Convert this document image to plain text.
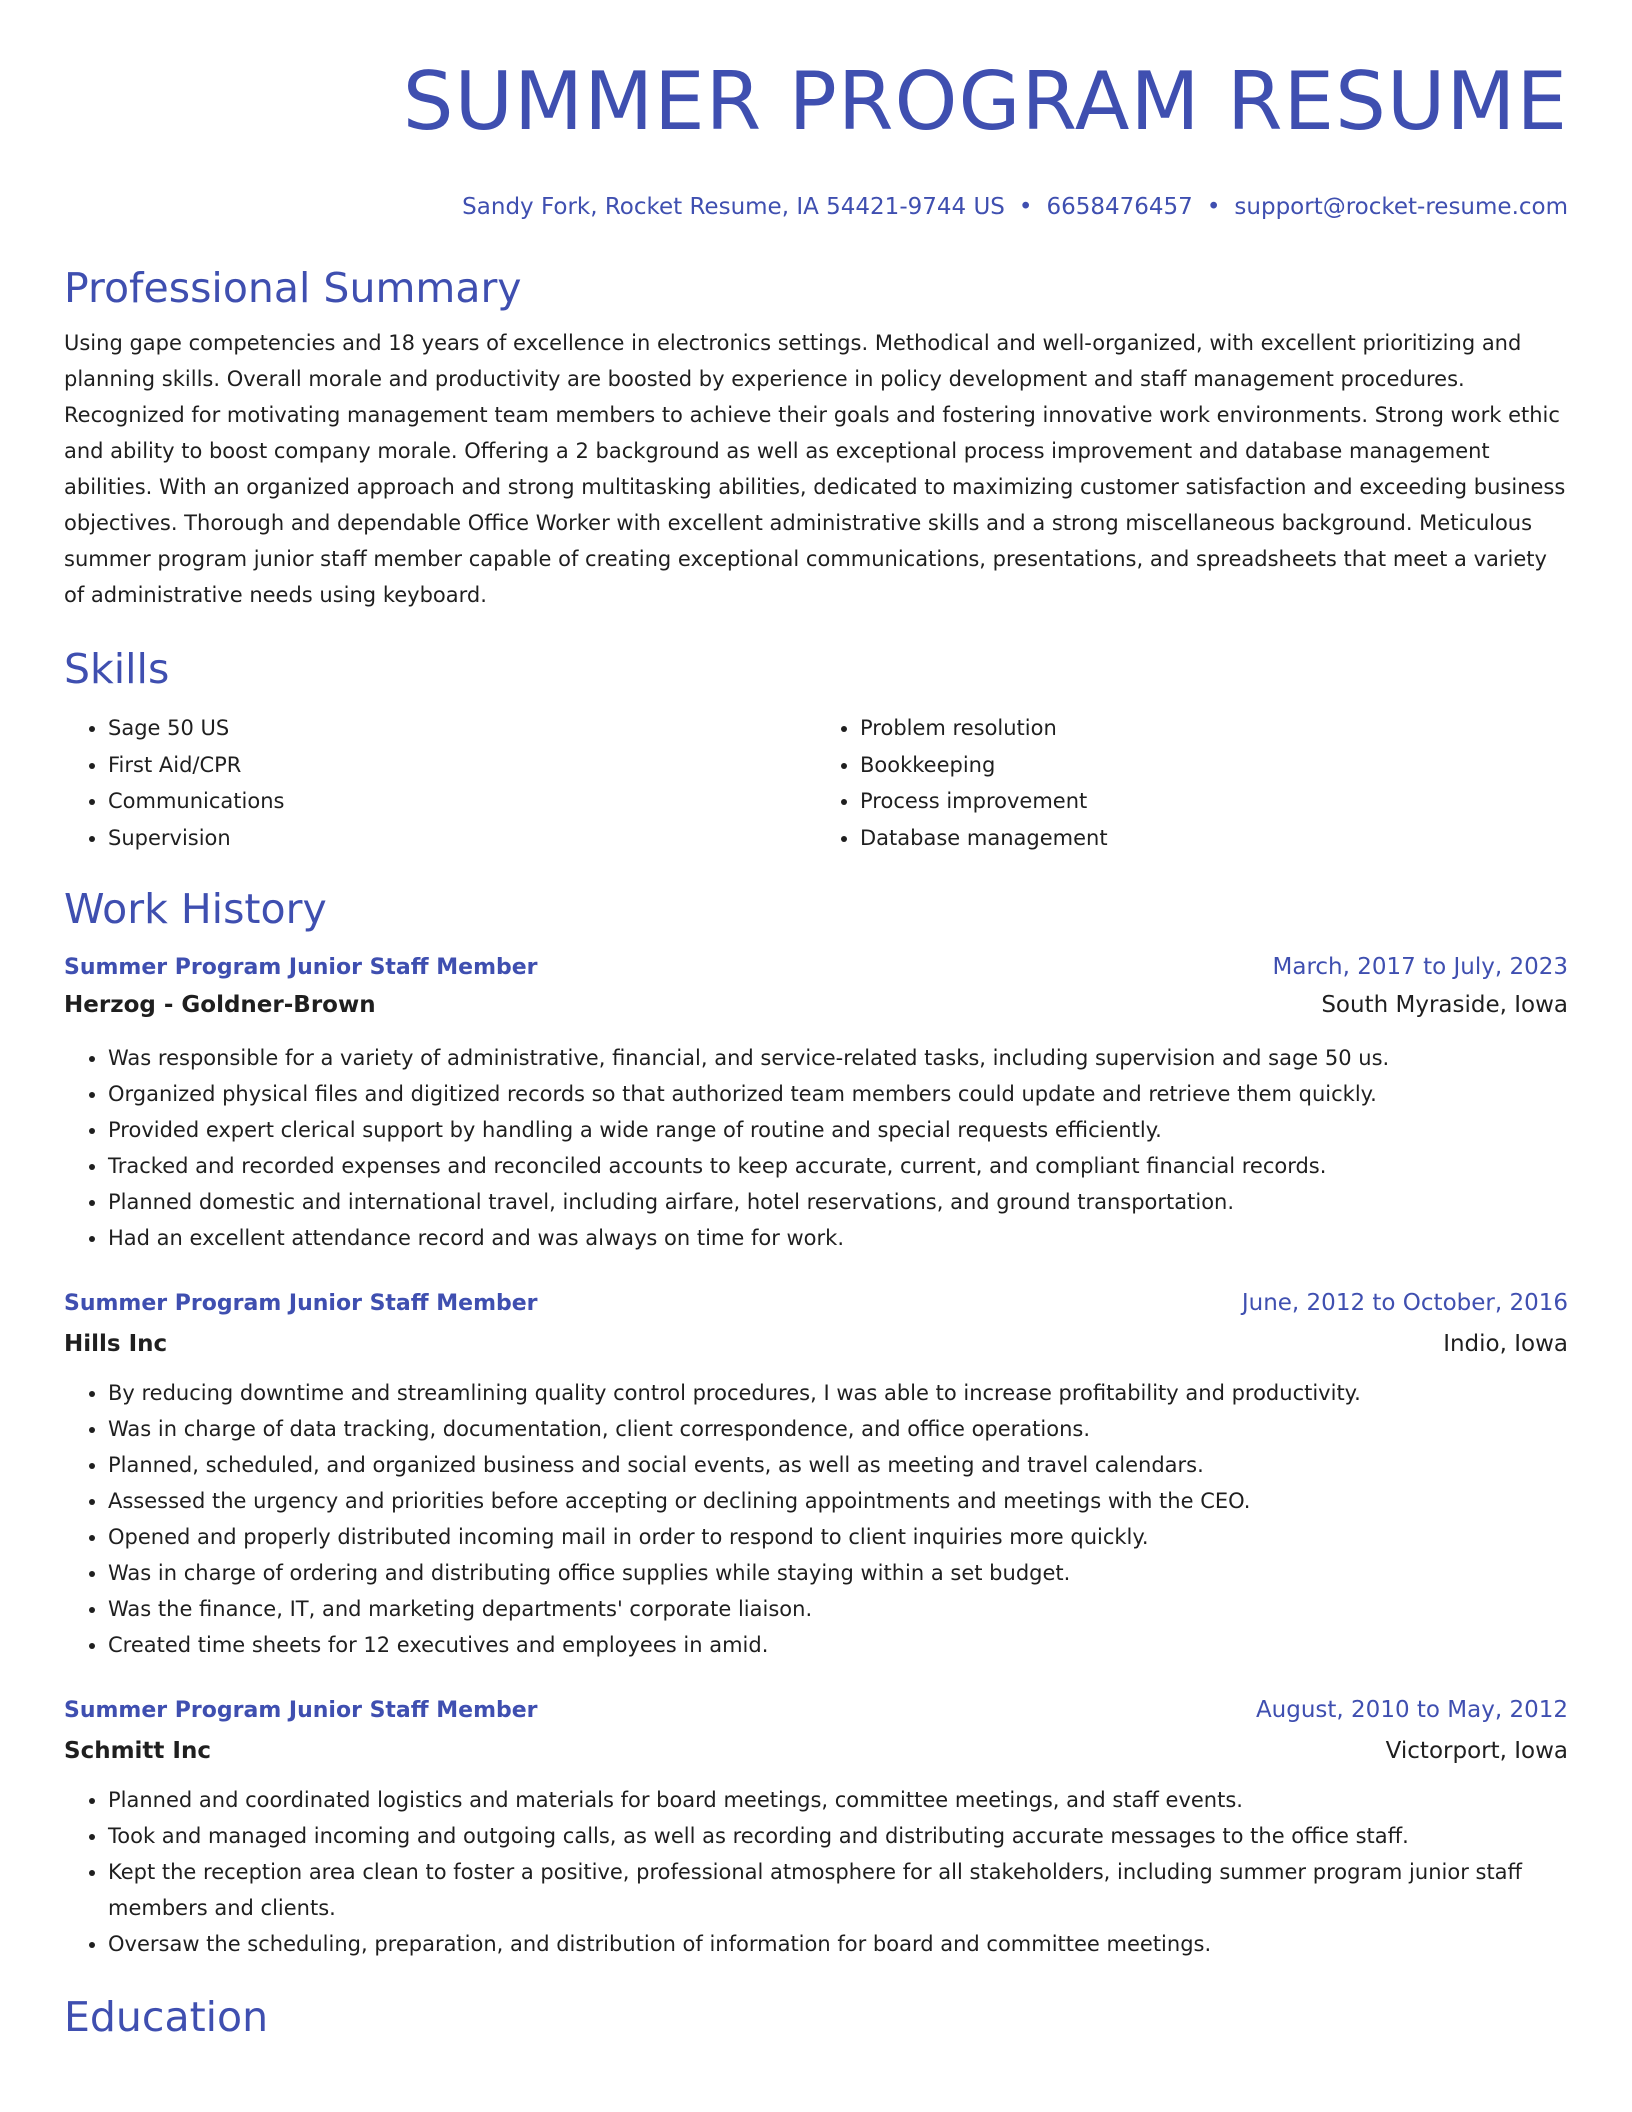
SUMMER PROGRAM RESUME
Sandy Fork, Rocket Resume, IA 54421-9744 US • 6658476457 • support@rocket-resume.com
Professional Summary
Using gape competencies and 18 years of excellence in electronics settings. Methodical and well-organized, with excellent prioritizing and planning skills. Overall morale and productivity are boosted by experience in policy development and staff management procedures. Recognized for motivating management team members to achieve their goals and fostering innovative work environments. Strong work ethic and ability to boost company morale. Offering a 2 background as well as exceptional process improvement and database management abilities. With an organized approach and strong multitasking abilities, dedicated to maximizing customer satisfaction and exceeding business objectives. Thorough and dependable Office Worker with excellent administrative skills and a strong miscellaneous background. Meticulous summer program junior staff member capable of creating exceptional communications, presentations, and spreadsheets that meet a variety of administrative needs using keyboard.
Skills
• Sage 50 US
• First Aid/CPR
• Communications
• Supervision
• Problem resolution
• Bookkeeping
• Process improvement
• Database management
Work History
Summer Program Junior Staff Member	March, 2017 to July, 2023
Herzog - Goldner-Brown	South Myraside, Iowa
• Was responsible for a variety of administrative, financial, and service-related tasks, including supervision and sage 50 us.
• Organized physical files and digitized records so that authorized team members could update and retrieve them quickly.
• Provided expert clerical support by handling a wide range of routine and special requests efficiently.
• Tracked and recorded expenses and reconciled accounts to keep accurate, current, and compliant financial records.
• Planned domestic and international travel, including airfare, hotel reservations, and ground transportation.
• Had an excellent attendance record and was always on time for work.
Summer Program Junior Staff Member	June, 2012 to October, 2016
Hills Inc	Indio, Iowa
• By reducing downtime and streamlining quality control procedures, I was able to increase profitability and productivity.
• Was in charge of data tracking, documentation, client correspondence, and office operations.
• Planned, scheduled, and organized business and social events, as well as meeting and travel calendars.
• Assessed the urgency and priorities before accepting or declining appointments and meetings with the CEO.
• Opened and properly distributed incoming mail in order to respond to client inquiries more quickly.
• Was in charge of ordering and distributing office supplies while staying within a set budget.
• Was the finance, IT, and marketing departments' corporate liaison.
• Created time sheets for 12 executives and employees in amid.
Summer Program Junior Staff Member	August, 2010 to May, 2012
Schmitt Inc	Victorport, Iowa
• Planned and coordinated logistics and materials for board meetings, committee meetings, and staff events.
• Took and managed incoming and outgoing calls, as well as recording and distributing accurate messages to the office staff.
• Kept the reception area clean to foster a positive, professional atmosphere for all stakeholders, including summer program junior staff members and clients.
• Oversaw the scheduling, preparation, and distribution of information for board and committee meetings.
Education
